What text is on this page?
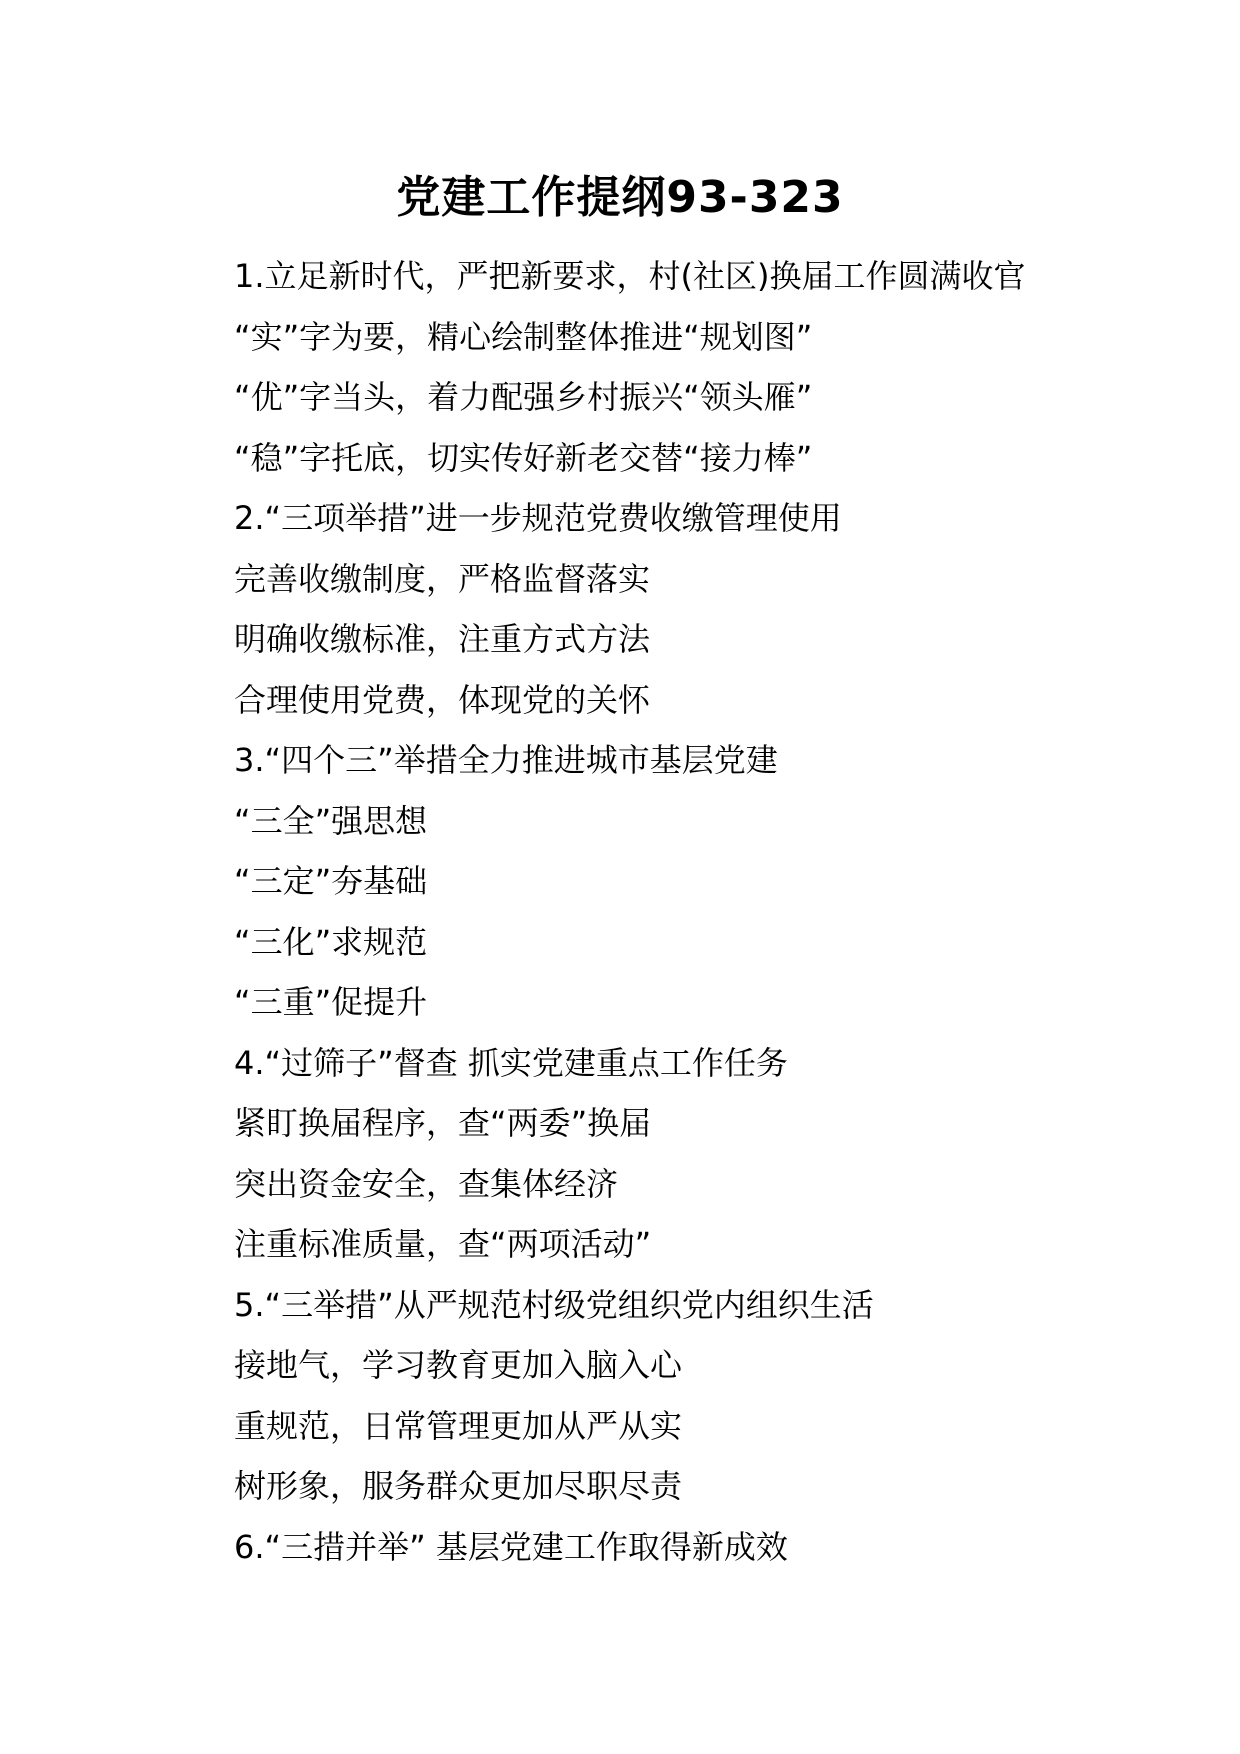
党建工作提纲93-323
1.立足新时代，严把新要求，村(社区)换届工作圆满收官
“实”字为要，精心绘制整体推进“规划图”
“优”字当头，着力配强乡村振兴“领头雁”
“稳”字托底，切实传好新老交替“接力棒”
2.“三项举措”进一步规范党费收缴管理使用
完善收缴制度，严格监督落实
明确收缴标准，注重方式方法
合理使用党费，体现党的关怀
3.“四个三”举措全力推进城市基层党建
“三全”强思想
“三定”夯基础
“三化”求规范
“三重”促提升
4.“过筛子”督查 抓实党建重点工作任务
紧盯换届程序，查“两委”换届
突出资金安全，查集体经济
注重标准质量，查“两项活动”
5.“三举措”从严规范村级党组织党内组织生活
接地气，学习教育更加入脑入心
重规范，日常管理更加从严从实
树形象，服务群众更加尽职尽责
6.“三措并举” 基层党建工作取得新成效
